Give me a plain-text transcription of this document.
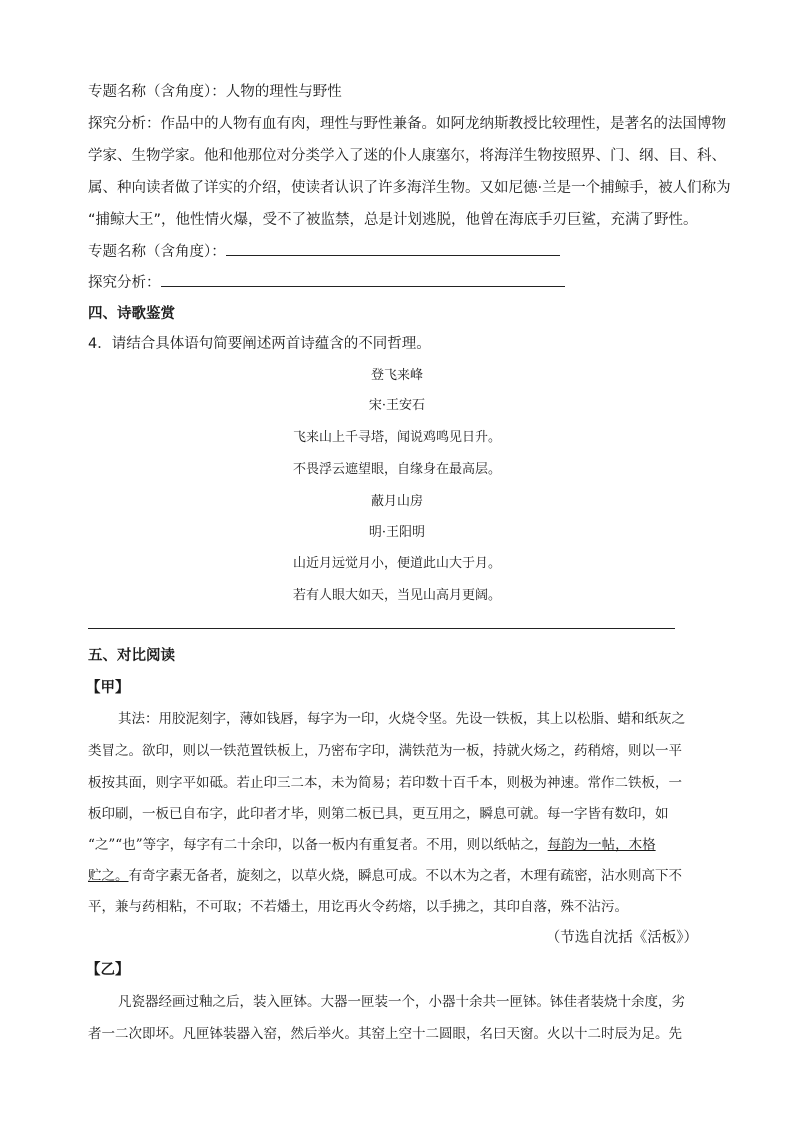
专题名称（含角度）：人物的理性与野性
探究分析：作品中的人物有血有肉，理性与野性兼备。如阿龙纳斯教授比较理性，是著名的法国博物
学家、生物学家。他和他那位对分类学入了迷的仆人康塞尔，将海洋生物按照界、门、纲、目、科、
属、种向读者做了详实的介绍，使读者认识了许多海洋生物。又如尼德·兰是一个捕鲸手，被人们称为
“捕鲸大王”，他性情火爆，受不了被监禁，总是计划逃脱，他曾在海底手刃巨鲨，充满了野性。
专题名称（含角度）：
探究分析：
四、诗歌鉴赏
4．请结合具体语句简要阐述两首诗蕴含的不同哲理。
登飞来峰
宋·王安石
飞来山上千寻塔，闻说鸡鸣见日升。
不畏浮云遮望眼，自缘身在最高层。
蔽月山房
明·王阳明
山近月远觉月小，便道此山大于月。
若有人眼大如天，当见山高月更阔。
五、对比阅读
【甲】
其法：用胶泥刻字，薄如钱唇，每字为一印，火烧令坚。先设一铁板，其上以松脂、蜡和纸灰之
类冒之。欲印，则以一铁范置铁板上，乃密布字印，满铁范为一板，持就火炀之，药稍熔，则以一平
板按其面，则字平如砥。若止印三二本，未为简易；若印数十百千本，则极为神速。常作二铁板，一
板印刷，一板已自布字，此印者才毕，则第二板已具，更互用之，瞬息可就。每一字皆有数印，如
“之”“也”等字，每字有二十余印，以备一板内有重复者。不用，则以纸帖之，每韵为一帖，木格
贮之。有奇字素无备者，旋刻之，以草火烧，瞬息可成。不以木为之者，木理有疏密，沾水则高下不
平，兼与药相粘，不可取；不若燔土，用讫再火令药熔，以手拂之，其印自落，殊不沾污。
（节选自沈括《活板》）
【乙】
凡瓷器经画过釉之后，装入匣钵。大器一匣装一个，小器十余共一匣钵。钵佳者装烧十余度，劣
者一二次即坏。凡匣钵装器入窑，然后举火。其窑上空十二圆眼，名曰天窗。火以十二时辰为足。先
